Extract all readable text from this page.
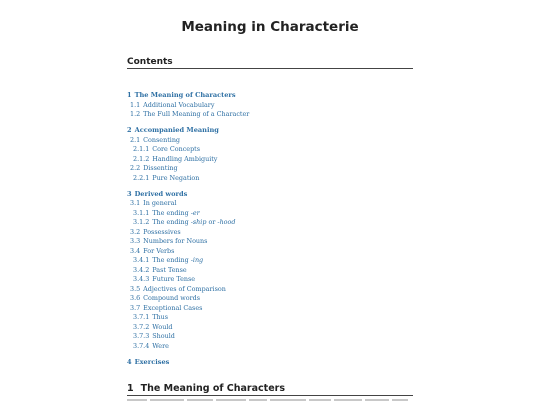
Meaning in Characterie
Contents
1 The Meaning of Characters
1.1 Additional Vocabulary
1.2 The Full Meaning of a Character
2 Accompanied Meaning
2.1 Consenting
2.1.1 Core Concepts
2.1.2 Handling Ambiguity
2.2 Dissenting
2.2.1 Pure Negation
3 Derived words
3.1 In general
3.1.1 The ending -er
3.1.2 The ending -ship or -hood
3.2 Possessives
3.3 Numbers for Nouns
3.4 For Verbs
3.4.1 The ending -ing
3.4.2 Past Tense
3.4.3 Future Tense
3.5 Adjectives of Comparison
3.6 Compound words
3.7 Exceptional Cases
3.7.1 Thus
3.7.2 Would
3.7.3 Should
3.7.4 Were
4 Exercises
1 The Meaning of Characters
